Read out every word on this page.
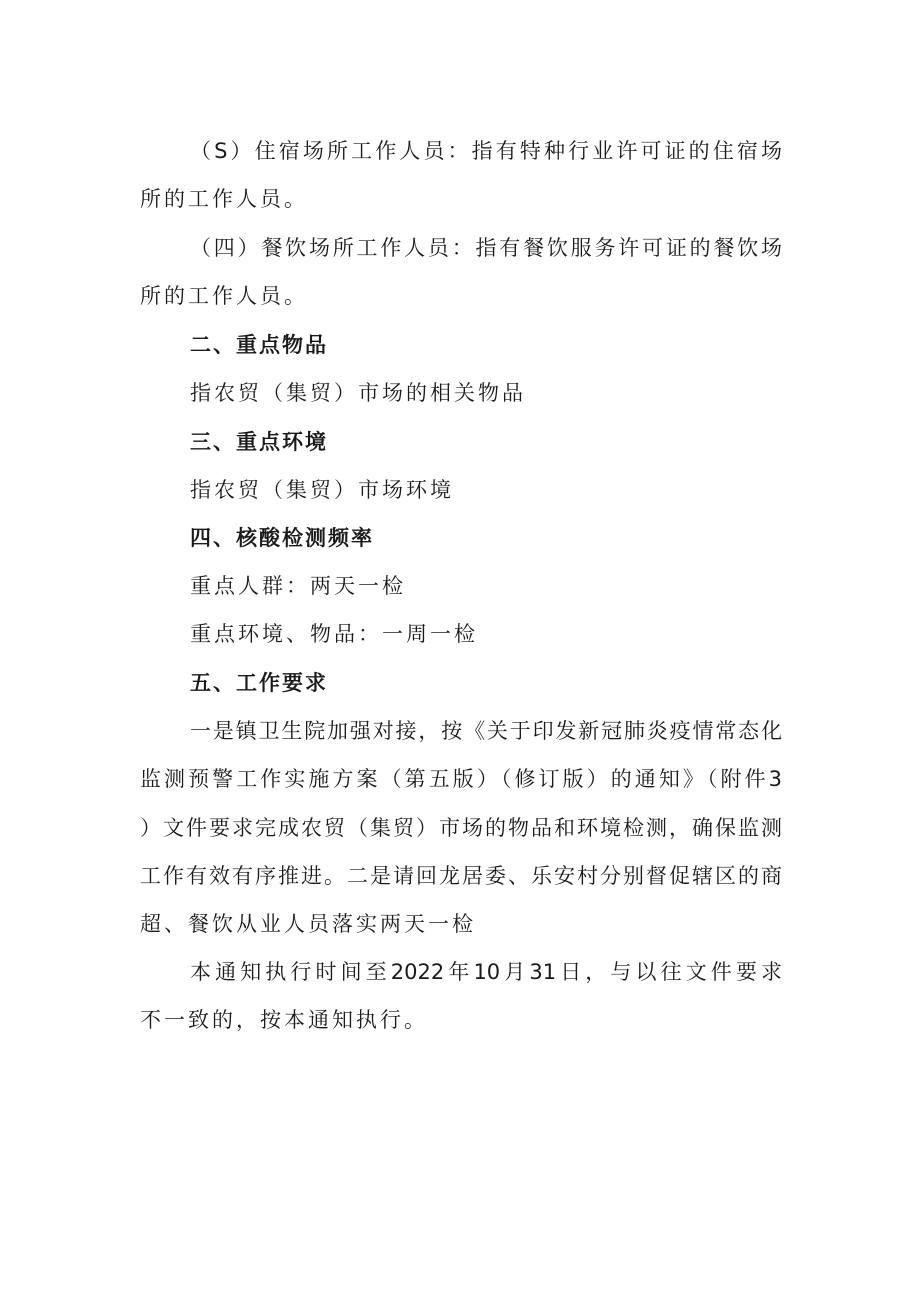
（S）住宿场所工作人员：指有特种行业许可证的住宿场
所的工作人员。
（四）餐饮场所工作人员：指有餐饮服务许可证的餐饮场
所的工作人员。
二、重点物品
指农贸（集贸）市场的相关物品
三、重点环境
指农贸（集贸）市场环境
四、核酸检测频率
重点人群：两天一检
重点环境、物品：一周一检
五、工作要求
一是镇卫生院加强对接，按《关于印发新冠肺炎疫情常态化
监测预警工作实施方案（第五版）（修订版）的通知》（附件3
）文件要求完成农贸（集贸）市场的物品和环境检测，确保监测
工作有效有序推进。二是请回龙居委、乐安村分别督促辖区的商
超、餐饮从业人员落实两天一检
本通知执行时间至2022年10月31日，与以往文件要求
不一致的，按本通知执行。
